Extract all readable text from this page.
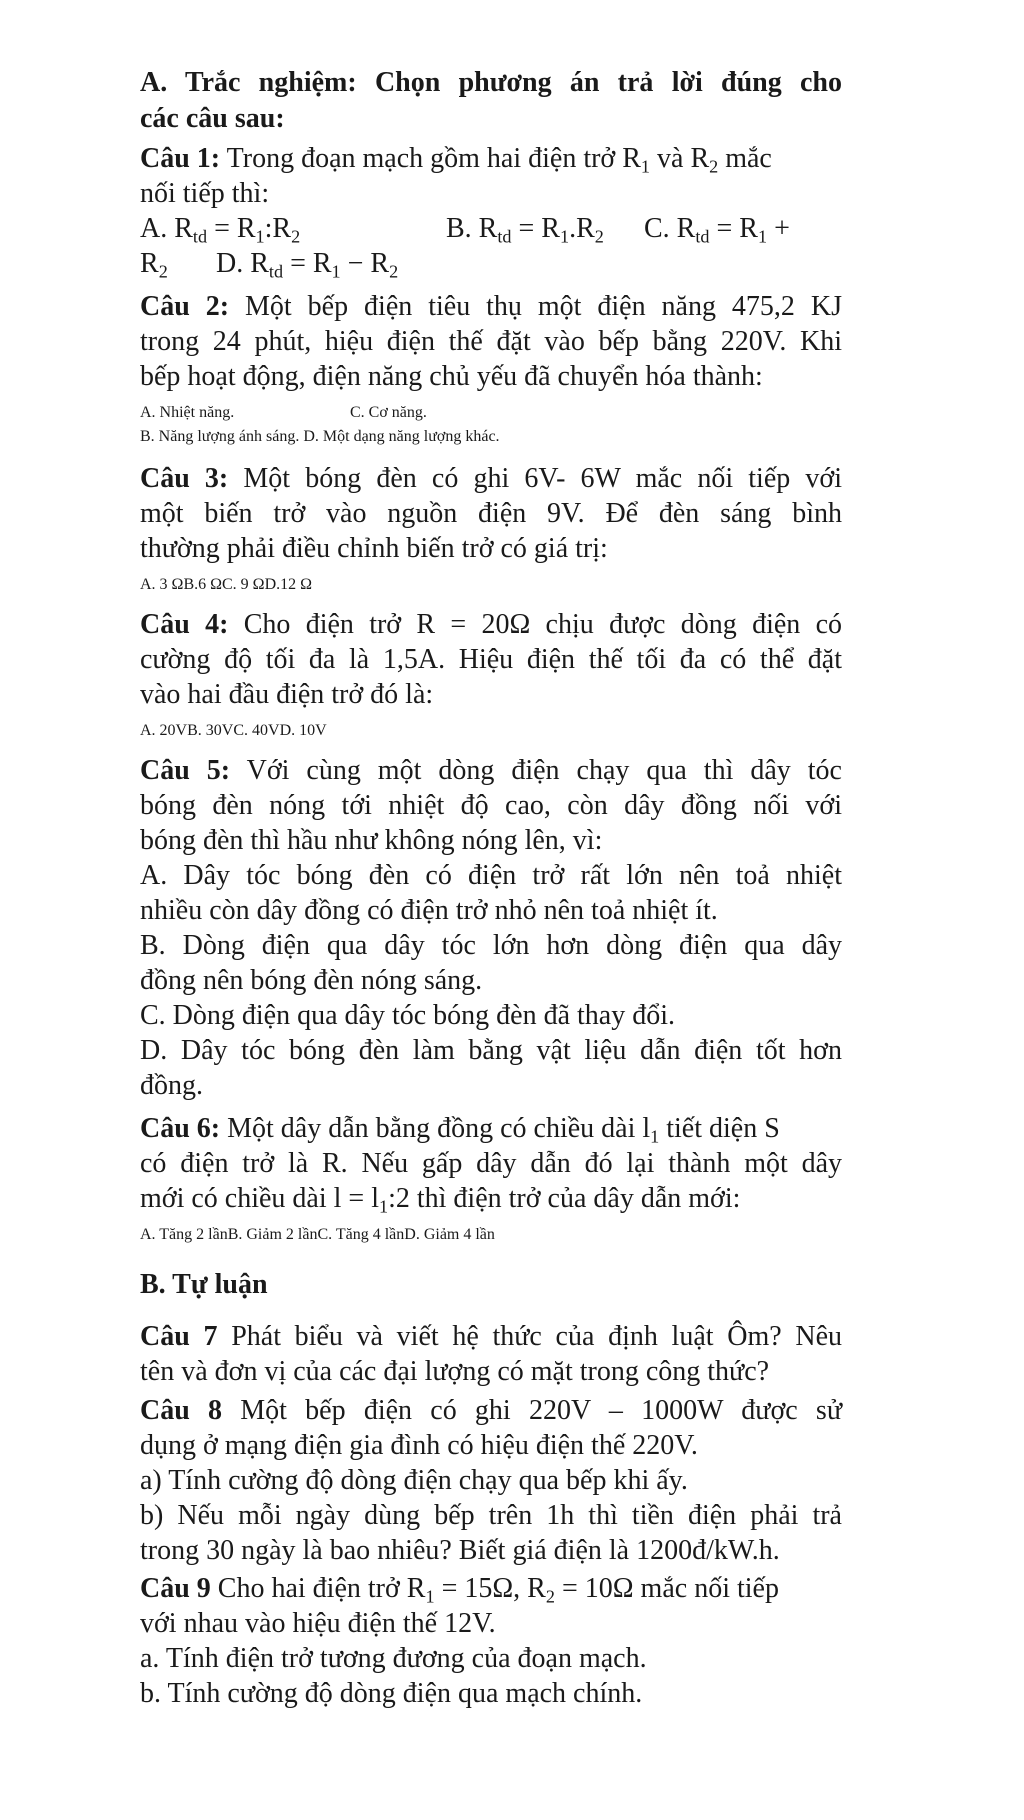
A. Trắc nghiệm: Chọn phương án trả lời đúng cho
các câu sau:
Câu 1: Trong đoạn mạch gồm hai điện trở $R_1$ và $R_2$ mắc
nối tiếp thì:
A. $R_{td}$ = $R_1:R_2$	B. $R_{td} = R_1.R_2$ C. $R_{td} = R_1$ +
$R_2$ D. $R_{td} = R_1 - R_2$
Câu 2: Một bếp điện tiêu thụ một điện năng 475,2 KJ
trong 24 phút, hiệu điện thế đặt vào bếp bằng 220V. Khi
bếp hoạt động, điện năng chủ yếu đã chuyển hóa thành:
A. Nhiệt năng.	C. Cơ năng.
B. Năng lượng ánh sáng. D. Một dạng năng lượng khác.
Câu 3: Một bóng đèn có ghi 6V- 6W mắc nối tiếp với
một biến trở vào nguồn điện 9V. Để đèn sáng bình
thường phải điều chỉnh biến trở có giá trị:
A. 3 ΩB.6 ΩC. 9 ΩD.12 Ω
Câu 4: Cho điện trở R = 20Ω chịu được dòng điện có
cường độ tối đa là 1,5A. Hiệu điện thế tối đa có thể đặt
vào hai đầu điện trở đó là:
A. 20VB. 30VC. 40VD. 10V
Câu 5: Với cùng một dòng điện chạy qua thì dây tóc
bóng đèn nóng tới nhiệt độ cao, còn dây đồng nối với
bóng đèn thì hầu như không nóng lên, vì:
A. Dây tóc bóng đèn có điện trở rất lớn nên toả nhiệt
nhiều còn dây đồng có điện trở nhỏ nên toả nhiệt ít.
B. Dòng điện qua dây tóc lớn hơn dòng điện qua dây
đồng nên bóng đèn nóng sáng.
C. Dòng điện qua dây tóc bóng đèn đã thay đổi.
D. Dây tóc bóng đèn làm bằng vật liệu dẫn điện tốt hơn
đồng.
Câu 6: Một dây dẫn bằng đồng có chiều dài $l_1$ tiết diện S
có điện trở là R. Nếu gấp dây dẫn đó lại thành một dây
mới có chiều dài $l = l_1:2$ thì điện trở của dây dẫn mới:
A. Tăng 2 lầnB. Giảm 2 lầnC. Tăng 4 lầnD. Giảm 4 lần
B. Tự luận
Câu 7 Phát biểu và viết hệ thức của định luật Ôm? Nêu
tên và đơn vị của các đại lượng có mặt trong công thức?
Câu 8 Một bếp điện có ghi 220V – 1000W được sử
dụng ở mạng điện gia đình có hiệu điện thế 220V.
a) Tính cường độ dòng điện chạy qua bếp khi ấy.
b) Nếu mỗi ngày dùng bếp trên 1h thì tiền điện phải trả
trong 30 ngày là bao nhiêu? Biết giá điện là 1200đ/kW.h.
Câu 9 Cho hai điện trở $R_1 = 15\Omega$, $R_2 = 10\Omega$ mắc nối tiếp
với nhau vào hiệu điện thế 12V.
a. Tính điện trở tương đương của đoạn mạch.
b. Tính cường độ dòng điện qua mạch chính.
